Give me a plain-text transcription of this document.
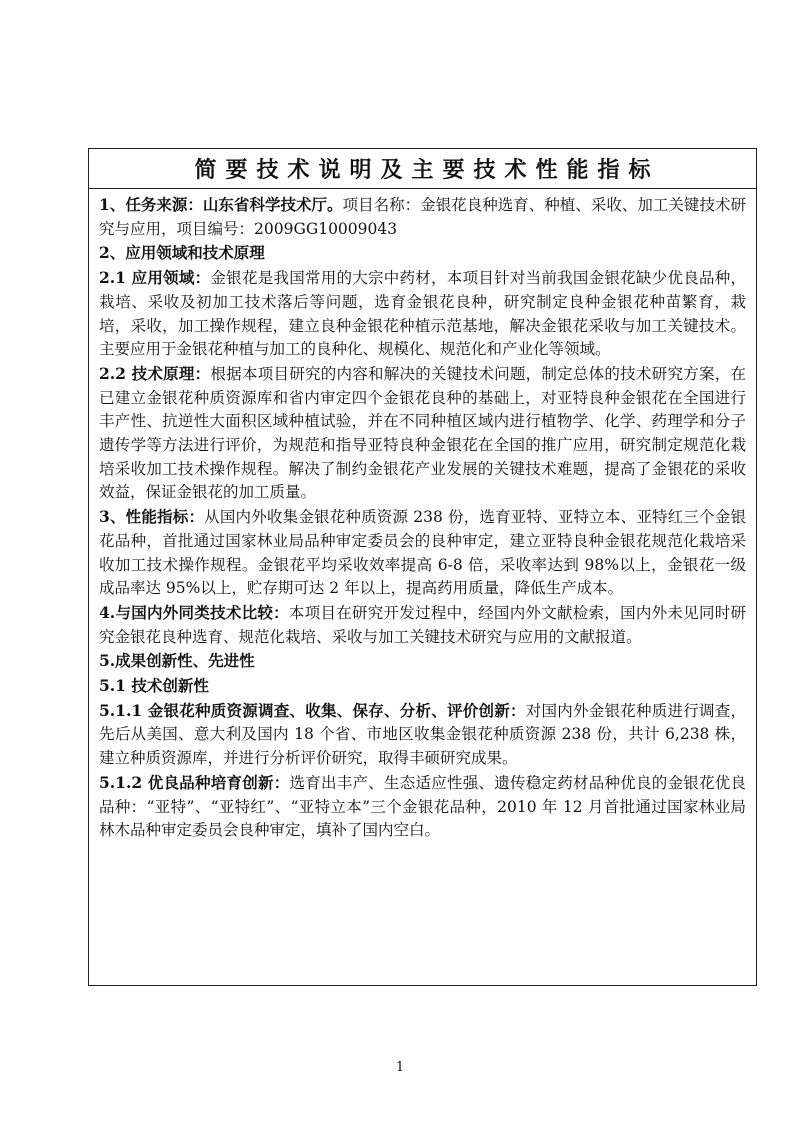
简要技术说明及主要技术性能指标

1、任务来源：山东省科学技术厅。项目名称：金银花良种选育、种植、采收、加工关键技术研究与应用，项目编号：2009GG10009043

2、应用领域和技术原理

2.1 应用领域：金银花是我国常用的大宗中药材，本项目针对当前我国金银花缺少优良品种，栽培、采收及初加工技术落后等问题，选育金银花良种，研究制定良种金银花种苗繁育，栽培，采收，加工操作规程，建立良种金银花种植示范基地，解决金银花采收与加工关键技术。主要应用于金银花种植与加工的良种化、规模化、规范化和产业化等领域。

2.2 技术原理：根据本项目研究的内容和解决的关键技术问题，制定总体的技术研究方案，在已建立金银花种质资源库和省内审定四个金银花良种的基础上，对亚特良种金银花在全国进行丰产性、抗逆性大面积区域种植试验，并在不同种植区域内进行植物学、化学、药理学和分子遗传学等方法进行评价，为规范和指导亚特良种金银花在全国的推广应用，研究制定规范化栽培采收加工技术操作规程。解决了制约金银花产业发展的关键技术难题，提高了金银花的采收效益，保证金银花的加工质量。

3、性能指标：从国内外收集金银花种质资源 238 份，选育亚特、亚特立本、亚特红三个金银花品种，首批通过国家林业局品种审定委员会的良种审定，建立亚特良种金银花规范化栽培采收加工技术操作规程。金银花平均采收效率提高 6-8 倍，采收率达到 98%以上，金银花一级成品率达 95%以上，贮存期可达 2 年以上，提高药用质量，降低生产成本。

4.与国内外同类技术比较：本项目在研究开发过程中，经国内外文献检索，国内外未见同时研究金银花良种选育、规范化栽培、采收与加工关键技术研究与应用的文献报道。

5.成果创新性、先进性

5.1 技术创新性

5.1.1 金银花种质资源调查、收集、保存、分析、评价创新：对国内外金银花种质进行调查，先后从美国、意大利及国内 18 个省、市地区收集金银花种质资源 238 份，共计 6,238 株，建立种质资源库，并进行分析评价研究，取得丰硕研究成果。

5.1.2 优良品种培育创新：选育出丰产、生态适应性强、遗传稳定药材品种优良的金银花优良品种：“亚特”、“亚特红”、“亚特立本”三个金银花品种，2010 年 12 月首批通过国家林业局林木品种审定委员会良种审定，填补了国内空白。

1
